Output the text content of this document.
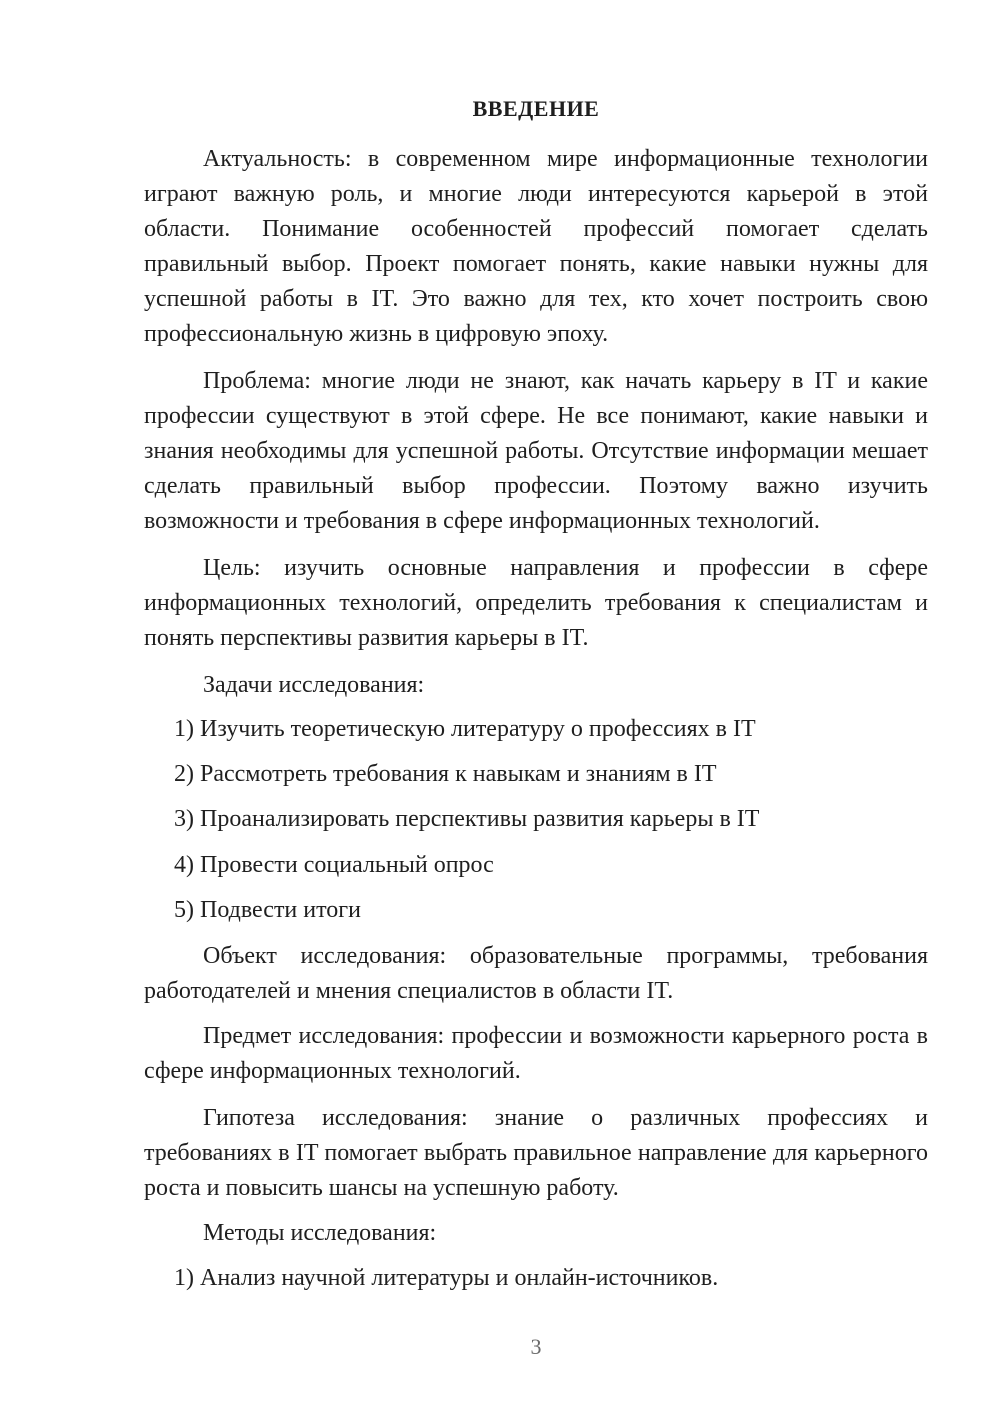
ВВЕДЕНИЕ
Актуальность: в современном мире информационные технологии играют важную роль, и многие люди интересуются карьерой в этой области. Понимание особенностей профессий помогает сделать правильный выбор. Проект помогает понять, какие навыки нужны для успешной работы в IT. Это важно для тех, кто хочет построить свою профессиональную жизнь в цифровую эпоху.
Проблема: многие люди не знают, как начать карьеру в IT и какие профессии существуют в этой сфере. Не все понимают, какие навыки и знания необходимы для успешной работы. Отсутствие информации мешает сделать правильный выбор профессии. Поэтому важно изучить возможности и требования в сфере информационных технологий.
Цель: изучить основные направления и профессии в сфере информационных технологий, определить требования к специалистам и понять перспективы развития карьеры в IT.
Задачи исследования:
1) Изучить теоретическую литературу о профессиях в IT
2) Рассмотреть требования к навыкам и знаниям в IT
3) Проанализировать перспективы развития карьеры в IT
4) Провести социальный опрос
5) Подвести итоги
Объект исследования: образовательные программы, требования работодателей и мнения специалистов в области IT.
Предмет исследования: профессии и возможности карьерного роста в сфере информационных технологий.
Гипотеза исследования: знание о различных профессиях и требованиях в IT помогает выбрать правильное направление для карьерного роста и повысить шансы на успешную работу.
Методы исследования:
1) Анализ научной литературы и онлайн-источников.
3
